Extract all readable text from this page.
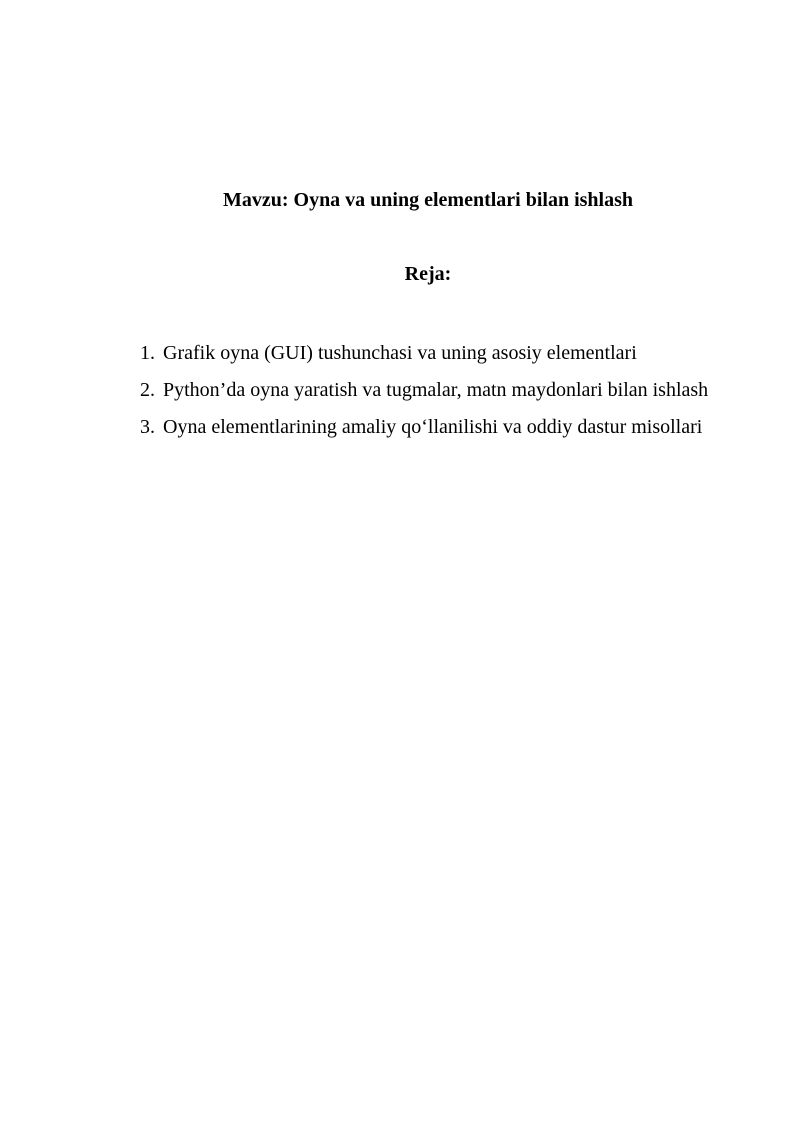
Mavzu: Oyna va uning elementlari bilan ishlash
Reja:
1. Grafik oyna (GUI) tushunchasi va uning asosiy elementlari
2. Python’da oyna yaratish va tugmalar, matn maydonlari bilan ishlash
3. Oyna elementlarining amaliy qo‘llanilishi va oddiy dastur misollari
